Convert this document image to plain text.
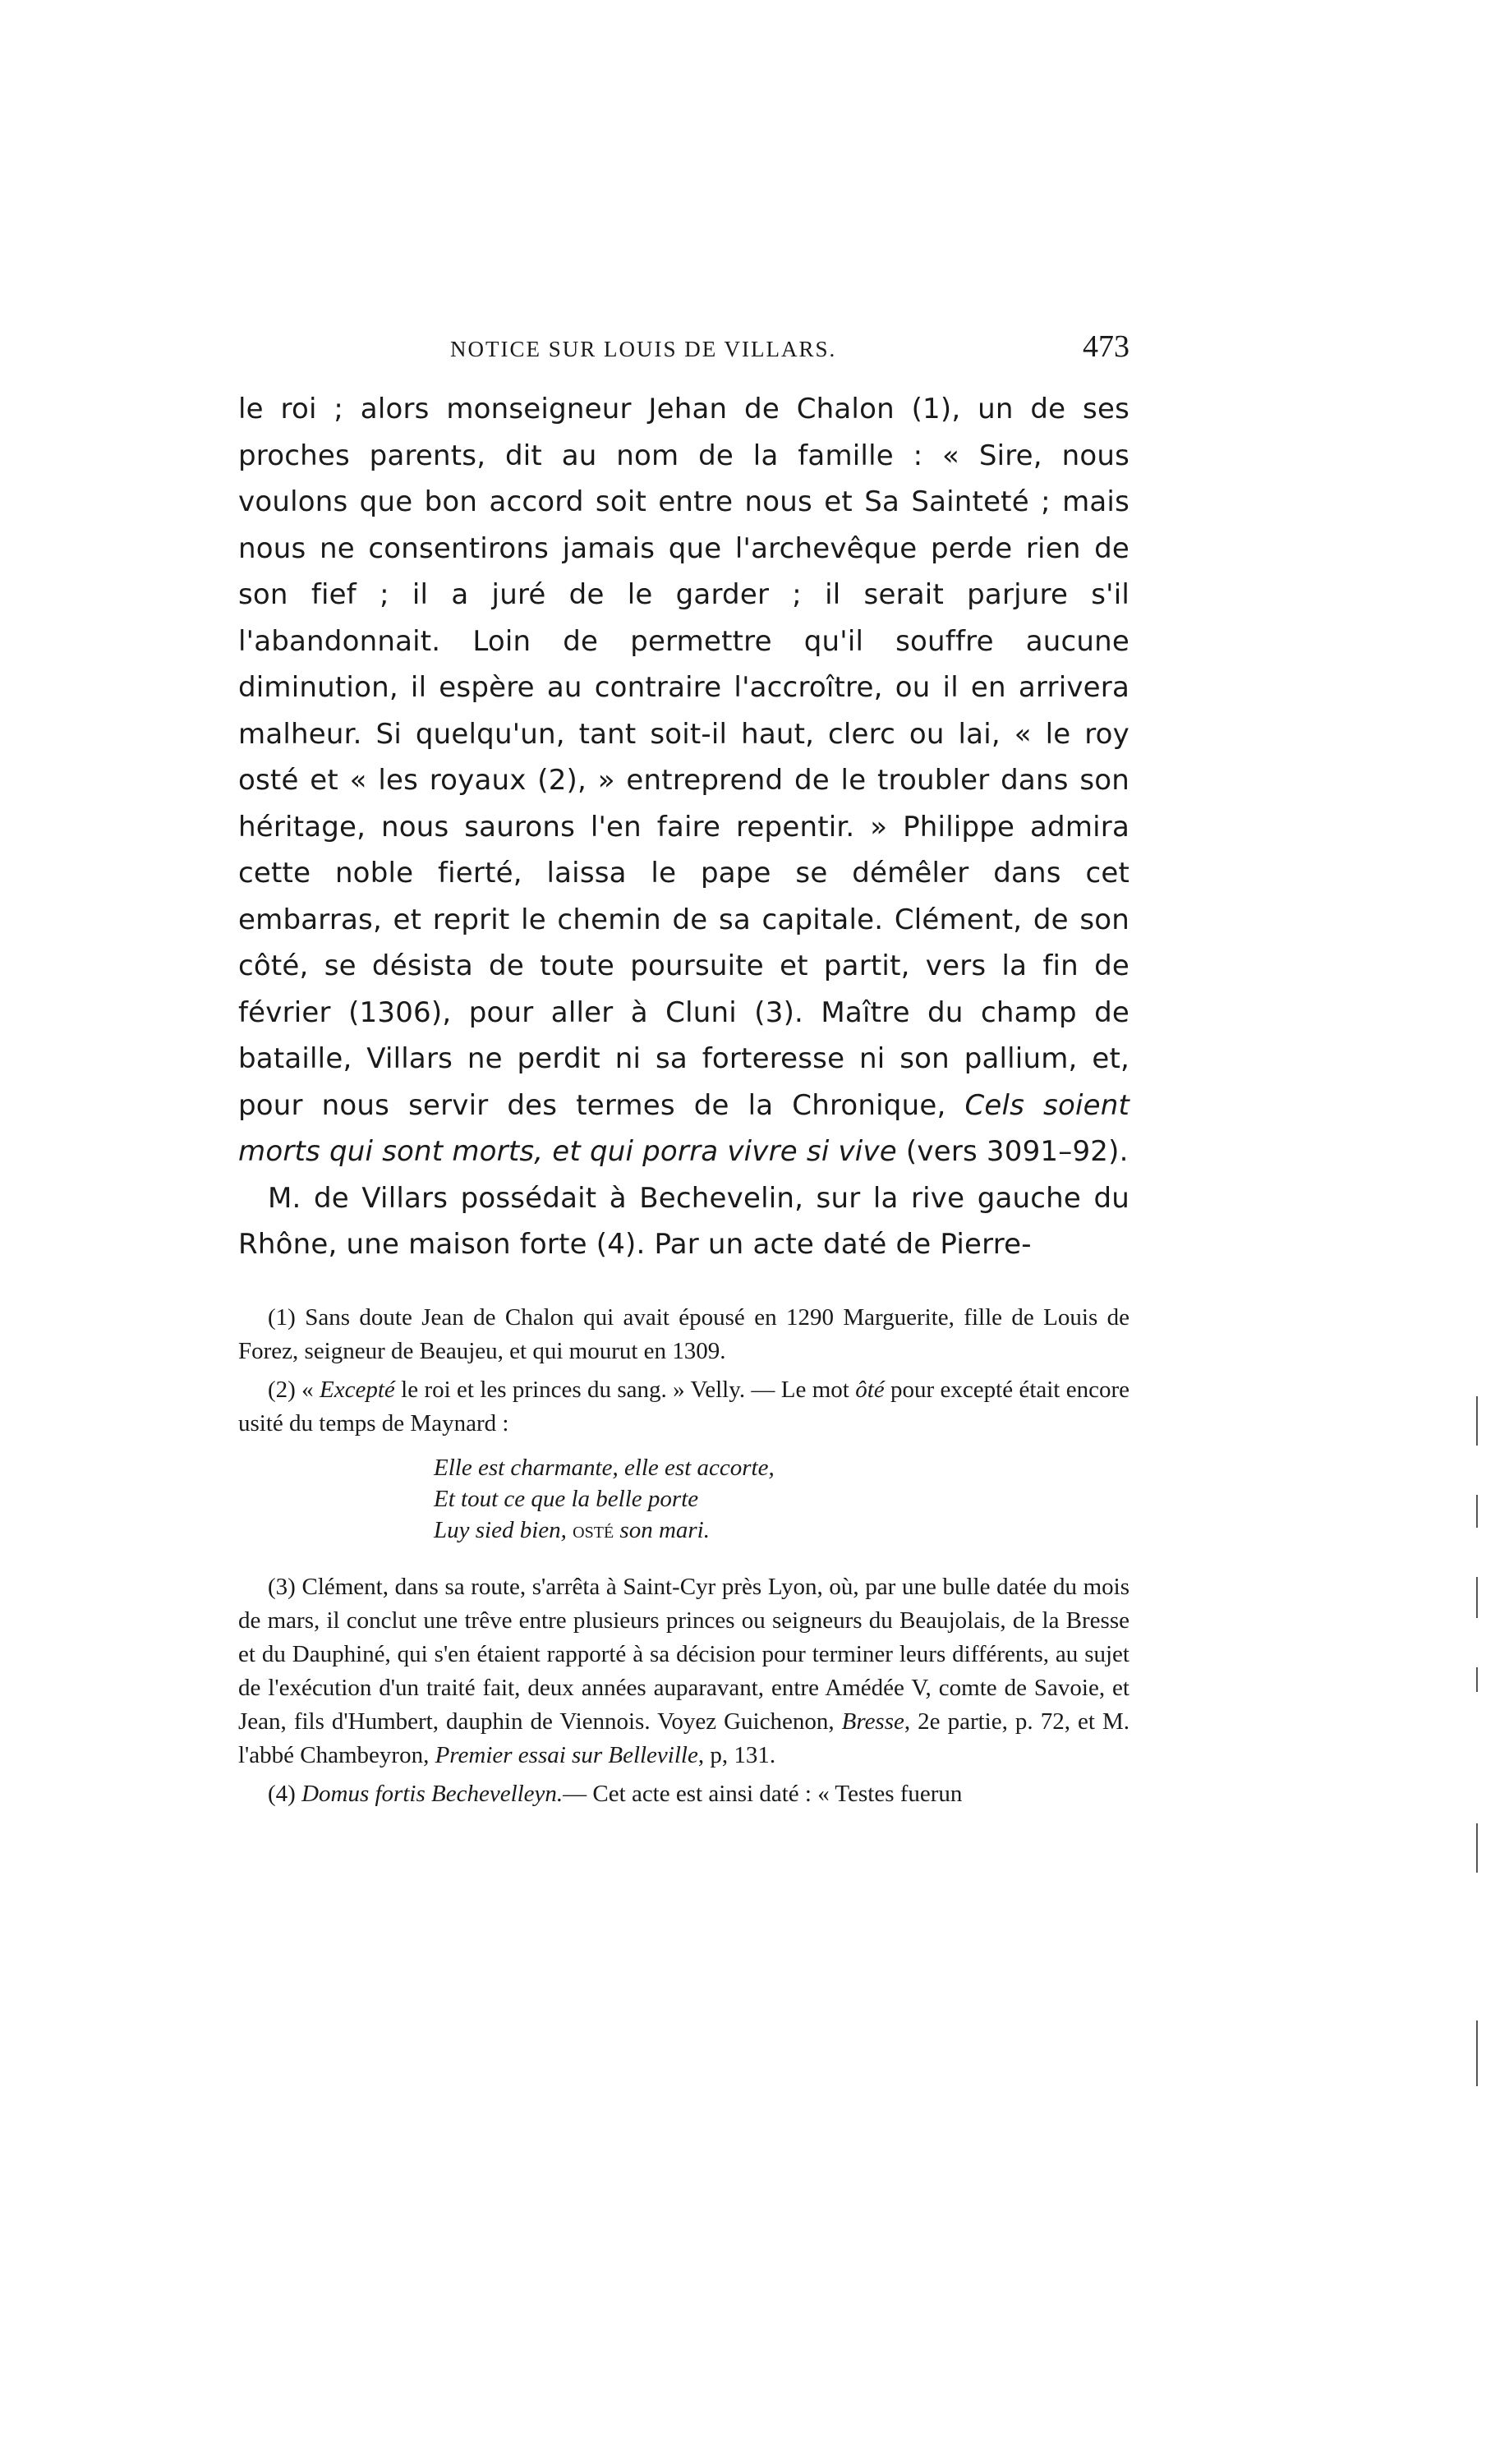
NOTICE SUR LOUIS DE VILLARS.	473

le roi ; alors monseigneur Jehan de Chalon (1), un de ses proches parents, dit au nom de la famille : « Sire, nous voulons que bon accord soit entre nous et Sa Sainteté ; mais nous ne consentirons jamais que l'archevêque perde rien de son fief ; il a juré de le garder ; il serait parjure s'il l'abandonnait. Loin de permettre qu'il souffre aucune diminution, il espère au contraire l'accroître, ou il en arrivera malheur. Si quelqu'un, tant soit-il haut, clerc ou lai, « le roy osté et « les royaux (2), » entreprend de le troubler dans son héritage, nous saurons l'en faire repentir. » Philippe admira cette noble fierté, laissa le pape se démêler dans cet embarras, et reprit le chemin de sa capitale. Clément, de son côté, se désista de toute poursuite et partit, vers la fin de février (1306), pour aller à Cluni (3). Maître du champ de bataille, Villars ne perdit ni sa forteresse ni son pallium, et, pour nous servir des termes de la Chronique, Cels soient morts qui sont morts, et qui porra vivre si vive (vers 3091–92).

M. de Villars possédait à Bechevelin, sur la rive gauche du Rhône, une maison forte (4). Par un acte daté de Pierre-

(1) Sans doute Jean de Chalon qui avait épousé en 1290 Marguerite, fille de Louis de Forez, seigneur de Beaujeu, et qui mourut en 1309.

(2) « Excepté le roi et les princes du sang. » Velly. — Le mot ôté pour excepté était encore usité du temps de Maynard :

Elle est charmante, elle est accorte,
Et tout ce que la belle porte
Luy sied bien, osté son mari.

(3) Clément, dans sa route, s'arrêta à Saint-Cyr près Lyon, où, par une bulle datée du mois de mars, il conclut une trêve entre plusieurs princes ou seigneurs du Beaujolais, de la Bresse et du Dauphiné, qui s'en étaient rapporté à sa décision pour terminer leurs différents, au sujet de l'exécution d'un traité fait, deux années auparavant, entre Amédée V, comte de Savoie, et Jean, fils d'Humbert, dauphin de Viennois. Voyez Guichenon, Bresse, 2e partie, p. 72, et M. l'abbé Chambeyron, Premier essai sur Belleville, p, 131.

(4) Domus fortis Bechevelleyn.— Cet acte est ainsi daté : « Testes fuerun
